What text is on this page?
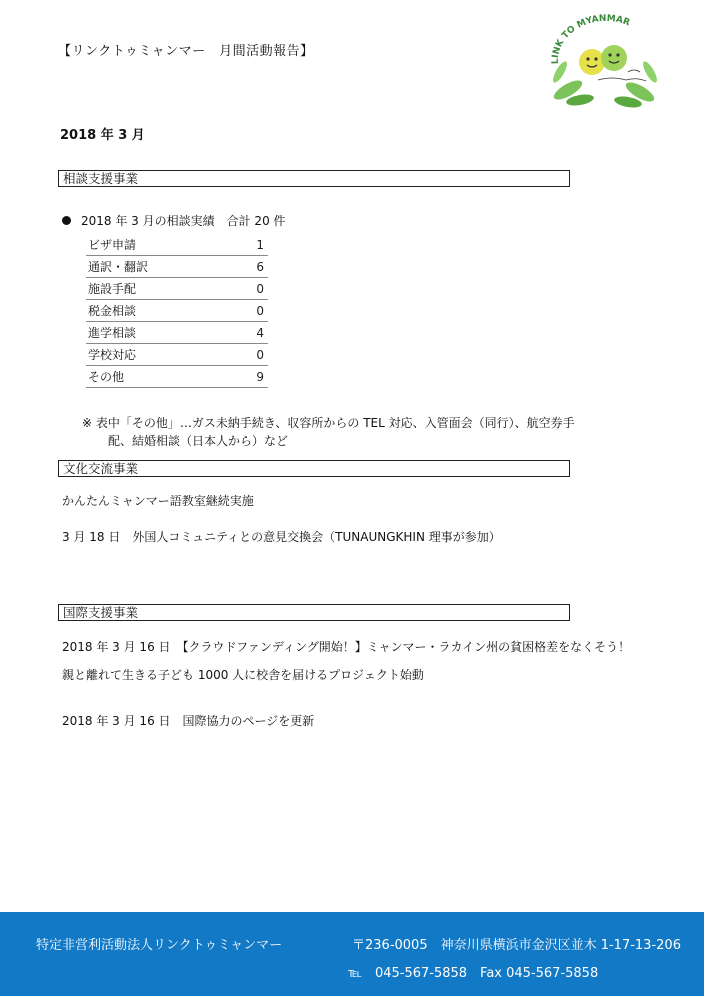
【リンクトゥミャンマー　月間活動報告】
LINK TO MYANMAR
2018 年 3 月
相談支援事業
2018 年 3 月の相談実績　合計 20 件
ビザ申請	1
通訳・翻訳	6
施設手配	0
税金相談	0
進学相談	4
学校対応	0
その他	9
※ 表中「その他」…ガス未納手続き、収容所からの TEL 対応、入管面会（同行）、航空券手
配、結婚相談（日本人から）など
文化交流事業
かんたんミャンマー語教室継続実施
3 月 18 日　外国人コミュニティとの意見交換会（TUNAUNGKHIN 理事が参加）
国際支援事業
2018 年 3 月 16 日　【クラウドファンディング開始！】ミャンマー・ラカイン州の貧困格差をなくそう！
親と離れて生きる子ども 1000 人に校舎を届けるプロジェクト始動
2018 年 3 月 16 日　国際協力のページを更新
特定非営利活動法人リンクトゥミャンマー	〒236-0005　神奈川県横浜市金沢区並木 1-17-13-206
℡　045-567-5858　Fax 045-567-5858
